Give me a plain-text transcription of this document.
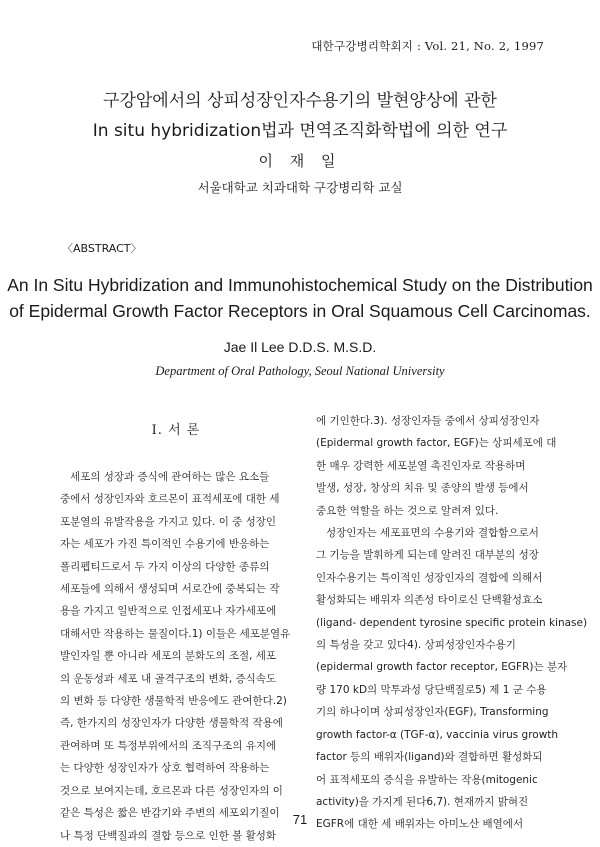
대한구강병리학회지 : Vol. 21, No. 2, 1997

구강암에서의 상피성장인자수용기의 발현양상에 관한

In situ hybridization법과 면역조직화학법에 의한 연구

이 재 일
서울대학교 치과대학 구강병리학 교실
〈ABSTRACT〉
An In Situ Hybridization and Immunohistochemical Study on the Distribution
of Epidermal Growth Factor Receptors in Oral Squamous Cell Carcinomas.
Jae Il Lee D.D.S. M.S.D.
Department of Oral Pathology, Seoul National University
I. 서 론
세포의 성장과 증식에 관여하는 많은 요소들
중에서 성장인자와 호르몬이 표적세포에 대한 세
포분열의 유발작용을 가지고 있다. 이 중 성장인
자는 세포가 가진 특이적인 수용기에 반응하는
폴리펩티드로서 두 가지 이상의 다양한 종류의
세포들에 의해서 생성되며 서로간에 중복되는 작
용을 가지고 일반적으로 인접세포나 자가세포에
대해서만 작용하는 물질이다.1) 이들은 세포분열유
발인자일 뿐 아니라 세포의 분화도의 조절, 세포
의 운동성과 세포 내 골격구조의 변화, 증식속도
의 변화 등 다양한 생물학적 반응에도 관여한다.2)
즉, 한가지의 성장인자가 다양한 생물학적 작용에
관여하며 또 특정부위에서의 조직구조의 유지에
는 다양한 성장인자가 상호 협력하여 작용하는
것으로 보여지는데, 호르몬과 다른 성장인자의 이
같은 특성은 짧은 반감기와 주변의 세포외기질이
나 특정 단백질과의 결합 등으로 인한 볼 활성화
에 기인한다.3). 성장인자들 중에서 상피성장인자
(Epidermal growth factor, EGF)는 상피세포에 대
한 매우 강력한 세포분열 촉진인자로 작용하며
발생, 성장, 창상의 치유 및 종양의 발생 등에서
중요한 역할을 하는 것으로 알려져 있다.
성장인자는 세포표면의 수용기와 결합함으로서
그 기능을 발휘하게 되는데 알려진 대부분의 성장
인자수용기는 특이적인 성장인자의 결합에 의해서
활성화되는 배위자 의존성 타이로신 단백활성효소
(ligand- dependent tyrosine specific protein kinase)
의 특성을 갖고 있다4). 상피성장인자수용기
(epidermal growth factor receptor, EGFR)는 분자
량 170 kD의 막투과성 당단백질로5) 제 1 군 수용
기의 하나이며 상피성장인자(EGF), Transforming
growth factor-α (TGF-α), vaccinia virus growth
factor 등의 배위자(ligand)와 결합하면 활성화되
어 표적세포의 증식을 유발하는 작용(mitogenic
activity)을 가지게 된다6,7). 현재까지 밝혀진
EGFR에 대한 세 배위자는 아미노산 배열에서
71
